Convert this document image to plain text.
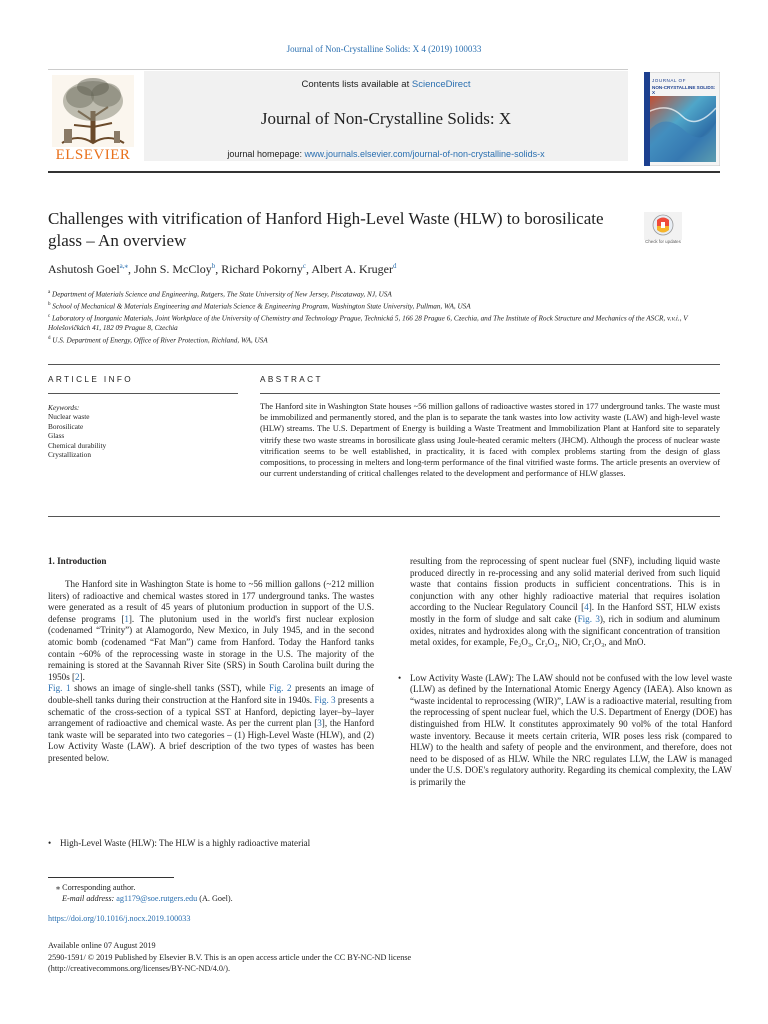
Journal of Non-Crystalline Solids: X 4 (2019) 100033
ELSEVIER
Contents lists available at ScienceDirect
Journal of Non-Crystalline Solids: X
journal homepage: www.journals.elsevier.com/journal-of-non-crystalline-solids-x
JOURNAL OF
NON-CRYSTALLINE SOLIDS: X
Challenges with vitrification of Hanford High-Level Waste (HLW) to borosilicate glass – An overview	Check for updates
Ashutosh Goel$^{a,⁎}$, John S. McCloy$^b$, Richard Pokorny$^c$, Albert A. Kruger$^d$

$^a$ Department of Materials Science and Engineering, Rutgers, The State University of New Jersey, Piscataway, NJ, USA

$^b$ School of Mechanical & Materials Engineering and Materials Science & Engineering Program, Washington State University, Pullman, WA, USA

$^c$ Laboratory of Inorganic Materials, Joint Workplace of the University of Chemistry and Technology Prague, Technická 5, 166 28 Prague 6, Czechia, and The Institute of Rock Structure and Mechanics of the ASCR, v.v.i., V Holešovičkách 41, 182 09 Prague 8, Czechia

$^d$ U.S. Department of Energy, Office of River Protection, Richland, WA, USA

ARTICLE INFO	ABSTRACT
Keywords:
Nuclear waste
Borosilicate
Glass
Chemical durability
Crystallization
The Hanford site in Washington State houses ~56 million gallons of radioactive wastes stored in 177 underground tanks. The waste must be immobilized and permanently stored, and the plan is to separate the tank wastes into low activity waste (LAW) and high-level waste (HLW) streams. The U.S. Department of Energy is building a Waste Treatment and Immobilization Plant at Hanford site to separately vitrify these two waste streams in borosilicate glass using Joule-heated ceramic melters (JHCM). Although the process of nuclear waste vitrification seems to be well established, in practicality, it is faced with complex problems starting from the design of glass compositions, to processing in melters and long-term performance of the final vitrified waste forms. The article presents an overview of our current understanding of critical challenges related to the development and performance of HLW glasses.
1. Introduction

The Hanford site in Washington State is home to ~56 million gallons (~212 million liters) of radioactive and chemical wastes stored in 177 underground tanks. The wastes were generated as a result of 45 years of plutonium production in support of the U.S. defense programs [1]. The plutonium used in the world's first nuclear explosion (codenamed “Trinity”) at Alamogordo, New Mexico, in July 1945, and in the second atomic bomb (codenamed “Fat Man”) came from Hanford. Today the Hanford tanks contain ~60% of the reprocessing waste in storage in the U.S. The majority of the remaining is stored at the Savannah River Site (SRS) in South Carolina built during the 1950s [2].

Fig. 1 shows an image of single-shell tanks (SST), while Fig. 2 presents an image of double-shell tanks during their construction at the Hanford site in 1940s. Fig. 3 presents a schematic of the cross-section of a typical SST at Hanford, depicting layer–by–layer arrangement of radioactive and chemical waste. As per the current plan [3], the Hanford tank waste will be separated into two categories – (1) High-Level Waste (HLW), and (2) Low Activity Waste (LAW). A brief description of the two types of wastes has been presented below.

• High-Level Waste (HLW): The HLW is a highly radioactive material

resulting from the reprocessing of spent nuclear fuel (SNF), including liquid waste produced directly in re-processing and any solid material derived from such liquid waste that contains fission products in sufficient concentrations. This is in conjunction with any other highly radioactive material that requires isolation according to the Nuclear Regulatory Council [4]. In the Hanford SST, HLW exists mostly in the form of sludge and salt cake (Fig. 3), rich in sodium and aluminum oxides, nitrates and hydroxides along with the significant concentration of transition metal oxides, for example, Fe₂O₃, Cr₂O₃, NiO, Cr₂O₃, and MnO.

• Low Activity Waste (LAW): The LAW should not be confused with the low level waste (LLW) as defined by the International Atomic Energy Agency (IAEA). Also known as “waste incidental to reprocessing (WIR)”, LAW is a radioactive material, resulting from the reprocessing of spent nuclear fuel, which the U.S. Department of Energy (DOE) has distinguished from HLW. It constitutes approximately 90 vol% of the total Hanford waste inventory. Because it meets certain criteria, WIR poses less risk (compared to HLW) to the health and safety of people and the environment, and therefore, does not need to be disposed of as HLW. While the NRC regulates LLW, the LAW is managed under the U.S. DOE's regulatory authority. Regarding its chemical complexity, the LAW is primarily the
⁎ Corresponding author.
E-mail address: ag1179@soe.rutgers.edu (A. Goel).
https://doi.org/10.1016/j.nocx.2019.100033
Available online 07 August 2019
2590-1591/ © 2019 Published by Elsevier B.V. This is an open access article under the CC BY-NC-ND license
(http://creativecommons.org/licenses/BY-NC-ND/4.0/).
